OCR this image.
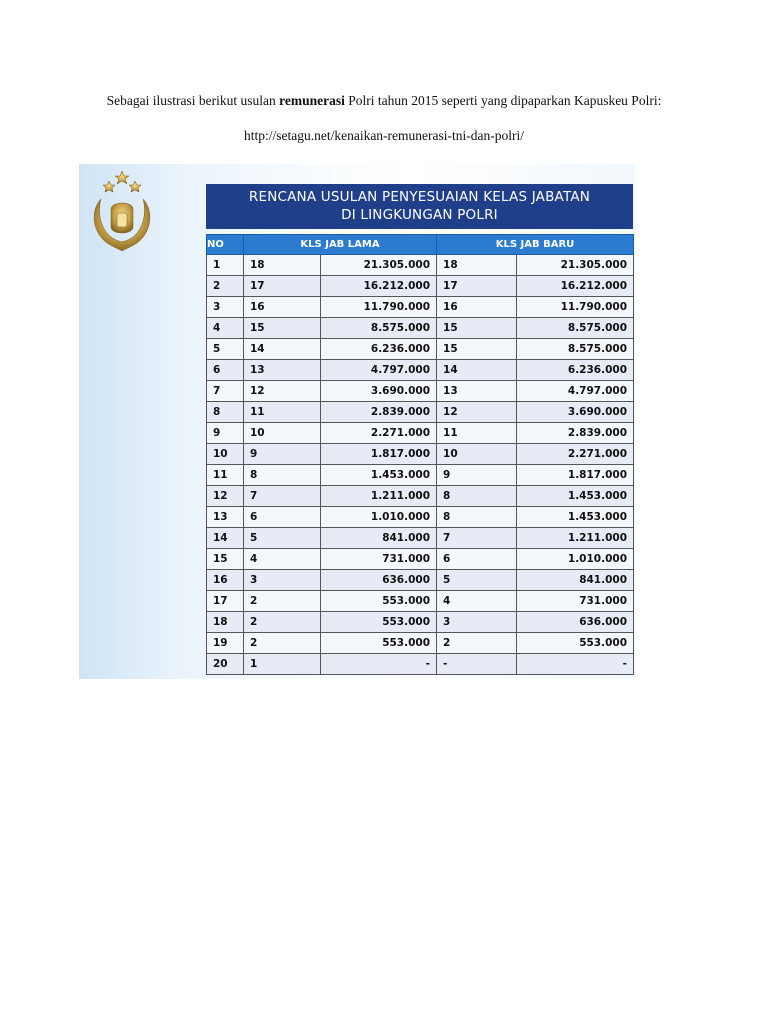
Sebagai ilustrasi berikut usulan remunerasi Polri tahun 2015 seperti yang dipaparkan Kapuskeu Polri:
http://setagu.net/kenaikan-remunerasi-tni-dan-polri/
RENCANA USULAN PENYESUAIAN KELAS JABATAN
DI LINGKUNGAN POLRI
NO	KLS JAB LAMA		KLS JAB BARU	
1	18	21.305.000	18	21.305.000
2	17	16.212.000	17	16.212.000
3	16	11.790.000	16	11.790.000
4	15	8.575.000	15	8.575.000
5	14	6.236.000	15	8.575.000
6	13	4.797.000	14	6.236.000
7	12	3.690.000	13	4.797.000
8	11	2.839.000	12	3.690.000
9	10	2.271.000	11	2.839.000
10	9	1.817.000	10	2.271.000
11	8	1.453.000	9	1.817.000
12	7	1.211.000	8	1.453.000
13	6	1.010.000	8	1.453.000
14	5	841.000	7	1.211.000
15	4	731.000	6	1.010.000
16	3	636.000	5	841.000
17	2	553.000	4	731.000
18	2	553.000	3	636.000
19	2	553.000	2	553.000
20	1	-	-	-
